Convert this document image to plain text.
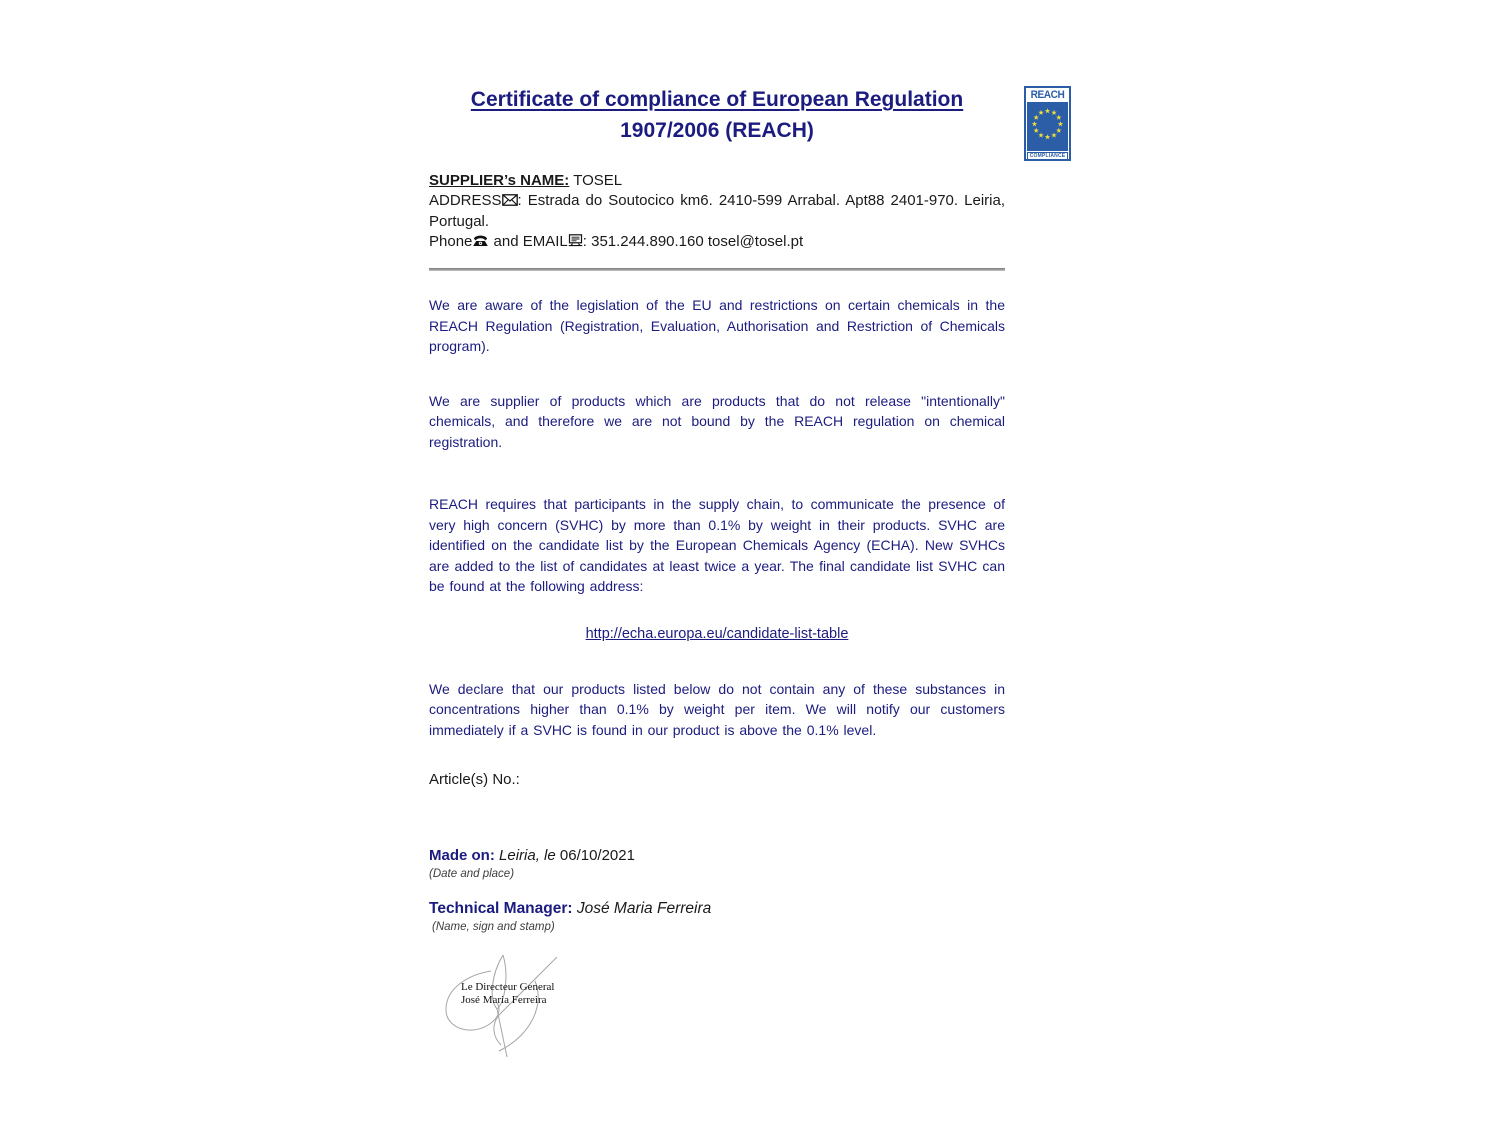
Certificate of compliance of European Regulation
1907/2006 (REACH)
SUPPLIER’s NAME: TOSEL
ADDRESS : Estrada do Soutocico km6. 2410-599 Arrabal. Apt88 2401-970. Leiria, Portugal.
Phone and EMAIL : 351.244.890.160 tosel@tosel.pt

We are aware of the legislation of the EU and restrictions on certain chemicals in the REACH Regulation (Registration, Evaluation, Authorisation and Restriction of Chemicals program).

We are supplier of products which are products that do not release "intentionally" chemicals, and therefore we are not bound by the REACH regulation on chemical registration.

REACH requires that participants in the supply chain, to communicate the presence of very high concern (SVHC) by more than 0.1% by weight in their products. SVHC are identified on the candidate list by the European Chemicals Agency (ECHA). New SVHCs are added to the list of candidates at least twice a year. The final candidate list SVHC can be found at the following address:

http://echa.europa.eu/candidate-list-table

We declare that our products listed below do not contain any of these substances in concentrations higher than 0.1% by weight per item. We will notify our customers immediately if a SVHC is found in our product is above the 0.1% level.

Article(s) No.:
Made on: Leiria, le 06/10/2021
(Date and place)
Technical Manager: José Maria Ferreira
(Name, sign and stamp)
Le Directeur General
José Maria Ferreira
REACH
COMPLIANCE
